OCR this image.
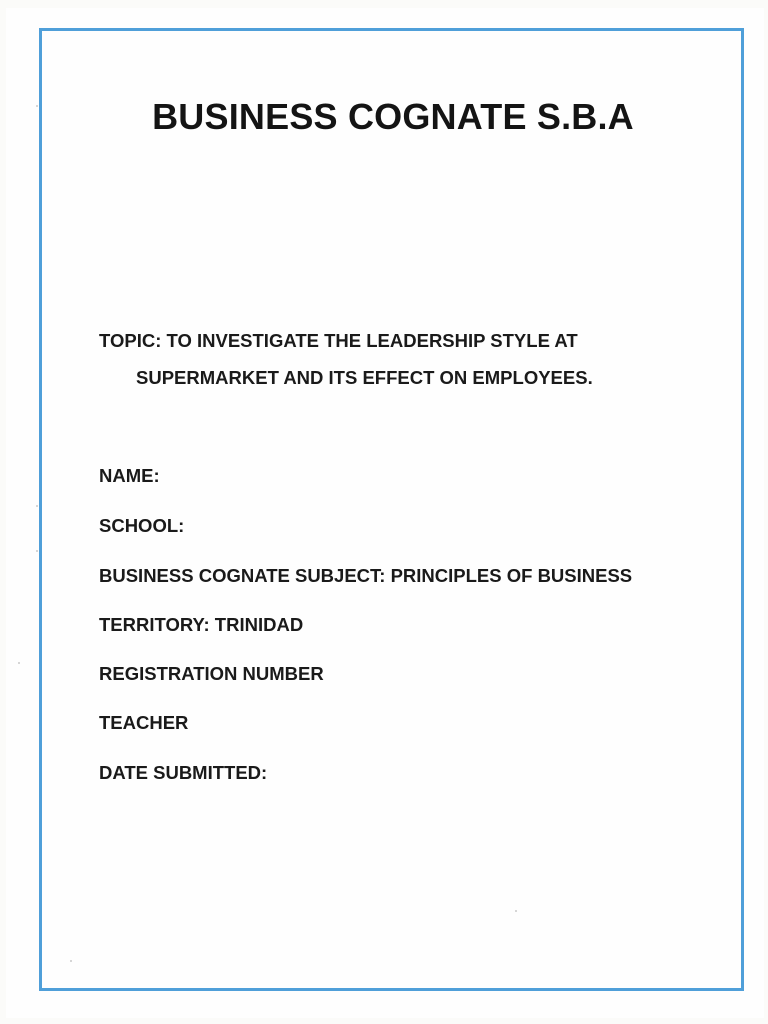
BUSINESS COGNATE S.B.A

TOPIC: TO INVESTIGATE THE LEADERSHIP STYLE AT

SUPERMARKET AND ITS EFFECT ON EMPLOYEES.

NAME:

SCHOOL:

BUSINESS COGNATE SUBJECT: PRINCIPLES OF BUSINESS

TERRITORY: TRINIDAD

REGISTRATION NUMBER

TEACHER

DATE SUBMITTED:
